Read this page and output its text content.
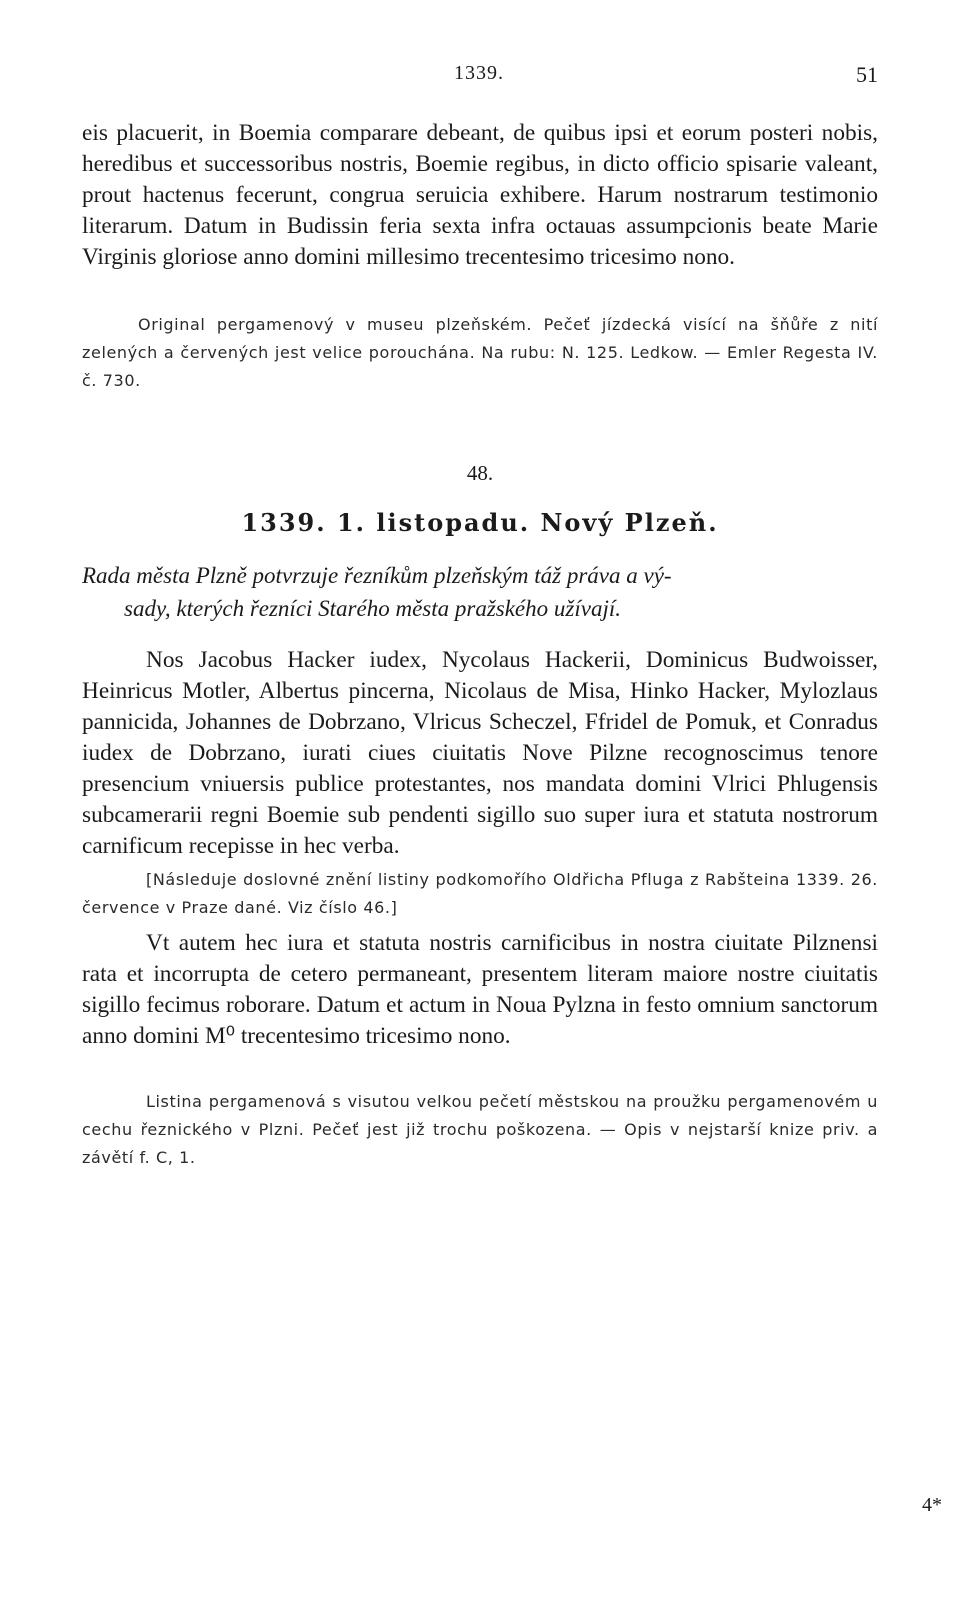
1339.	51

eis placuerit, in Boemia comparare debeant, de quibus ipsi et eorum posteri nobis, heredibus et successoribus nostris, Boemie regibus, in dicto officio spisarie valeant, prout hactenus fecerunt, congrua seruicia exhibere. Harum nostrarum testimonio literarum. Datum in Budissin feria sexta infra octauas assumpcionis beate Marie Virginis gloriose anno domini millesimo trecentesimo tricesimo nono.

Original pergamenový v museu plzeňském. Pečeť jízdecká visící na šňůře z nití zelených a červených jest velice porouchána. Na rubu: N. 125. Ledkow. — Emler Regesta IV. č. 730.

48.
1339. 1. listopadu. Nový Plzeň.
Rada města Plzně potvrzuje řezníkům plzeňským táž práva a vý-
sady, kterých řezníci Starého města pražského užívají.

Nos Jacobus Hacker iudex, Nycolaus Hackerii, Dominicus Budwoisser, Heinricus Motler, Albertus pincerna, Nicolaus de Misa, Hinko Hacker, Mylozlaus pannicida, Johannes de Dobrzano, Vlricus Scheczel, Ffridel de Pomuk, et Conradus iudex de Dobrzano, iurati ciues ciuitatis Nove Pilzne recognoscimus tenore presencium vniuersis publice protestantes, nos mandata domini Vlrici Phlugensis subcamerarii regni Boemie sub pendenti sigillo suo super iura et statuta nostrorum carnificum recepisse in hec verba.

[Následuje doslovné znění listiny podkomořího Oldřicha Pfluga z Rabšteina 1339. 26. července v Praze dané. Viz číslo 46.]

Vt autem hec iura et statuta nostris carnificibus in nostra ciuitate Pilznensi rata et incorrupta de cetero permaneant, presentem literam maiore nostre ciuitatis sigillo fecimus roborare. Datum et actum in Noua Pylzna in festo omnium sanctorum anno domini M⁰ trecentesimo tricesimo nono.

Listina pergamenová s visutou velkou pečetí městskou na proužku pergamenovém u cechu řeznického v Plzni. Pečeť jest již trochu poškozena. — Opis v nejstarší knize priv. a závětí f. C, 1.

4*
